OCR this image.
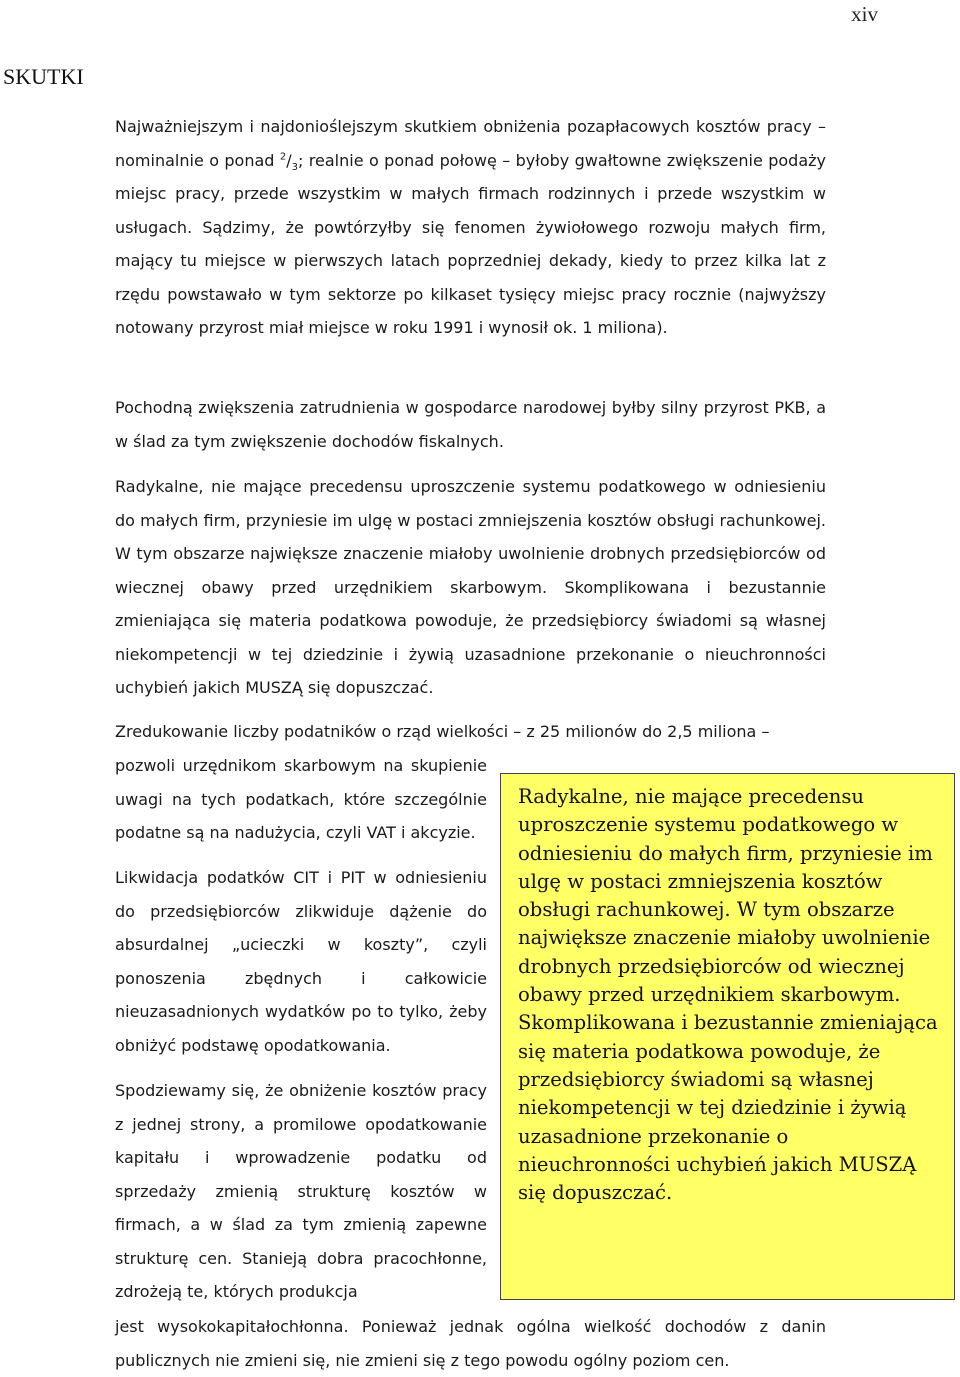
xiv
SKUTKI

Najważniejszym i najdonioślejszym skutkiem obniżenia pozapłacowych kosztów pracy – nominalnie o ponad $^2/_3$; realnie o ponad połowę – byłoby gwałtowne zwiększenie podaży miejsc pracy, przede wszystkim w małych firmach rodzinnych i przede wszystkim w usługach. Sądzimy, że powtórzyłby się fenomen żywiołowego rozwoju małych firm, mający tu miejsce w pierwszych latach poprzedniej dekady, kiedy to przez kilka lat z rzędu powstawało w tym sektorze po kilkaset tysięcy miejsc pracy rocznie (najwyższy notowany przyrost miał miejsce w roku 1991 i wynosił ok. 1 miliona).

Pochodną zwiększenia zatrudnienia w gospodarce narodowej byłby silny przyrost PKB, a w ślad za tym zwiększenie dochodów fiskalnych.

Radykalne, nie mające precedensu uproszczenie systemu podatkowego w odniesieniu do małych firm, przyniesie im ulgę w postaci zmniejszenia kosztów obsługi rachunkowej. W tym obszarze największe znaczenie miałoby uwolnienie drobnych przedsiębiorców od wiecznej obawy przed urzędnikiem skarbowym. Skomplikowana i bezustannie zmieniająca się materia podatkowa powoduje, że przedsiębiorcy świadomi są własnej niekompetencji w tej dziedzinie i żywią uzasadnione przekonanie o nieuchronności uchybień jakich MUSZĄ się dopuszczać.

Zredukowanie liczby podatników o rząd wielkości – z 25 milionów do 2,5 miliona –

pozwoli urzędnikom skarbowym na skupienie uwagi na tych podatkach, które szczególnie podatne są na nadużycia, czyli VAT i akcyzie.

Likwidacja podatków CIT i PIT w odniesieniu do przedsiębiorców zlikwiduje dążenie do absurdalnej „ucieczki w koszty”, czyli ponoszenia zbędnych i całkowicie nieuzasadnionych wydatków po to tylko, żeby obniżyć podstawę opodatkowania.

Spodziewamy się, że obniżenie kosztów pracy z jednej strony, a promilowe opodatkowanie kapitału i wprowadzenie podatku od sprzedaży zmienią strukturę kosztów w firmach, a w ślad za tym zmienią zapewne strukturę cen. Stanieją dobra pracochłonne, zdrożeją te, których produkcja

jest wysokokapitałochłonna. Ponieważ jednak ogólna wielkość dochodów z danin publicznych nie zmieni się, nie zmieni się z tego powodu ogólny poziom cen.

Radykalne, nie mające precedensu uproszczenie systemu podatkowego w odniesieniu do małych firm, przyniesie im ulgę w postaci zmniejszenia kosztów obsługi rachunkowej. W tym obszarze największe znaczenie miałoby uwolnienie drobnych przedsiębiorców od wiecznej obawy przed urzędnikiem skarbowym. Skomplikowana i bezustannie zmieniająca się materia podatkowa powoduje, że przedsiębiorcy świadomi są własnej niekompetencji w tej dziedzinie i żywią uzasadnione przekonanie o nieuchronności uchybień jakich MUSZĄ się dopuszczać.
